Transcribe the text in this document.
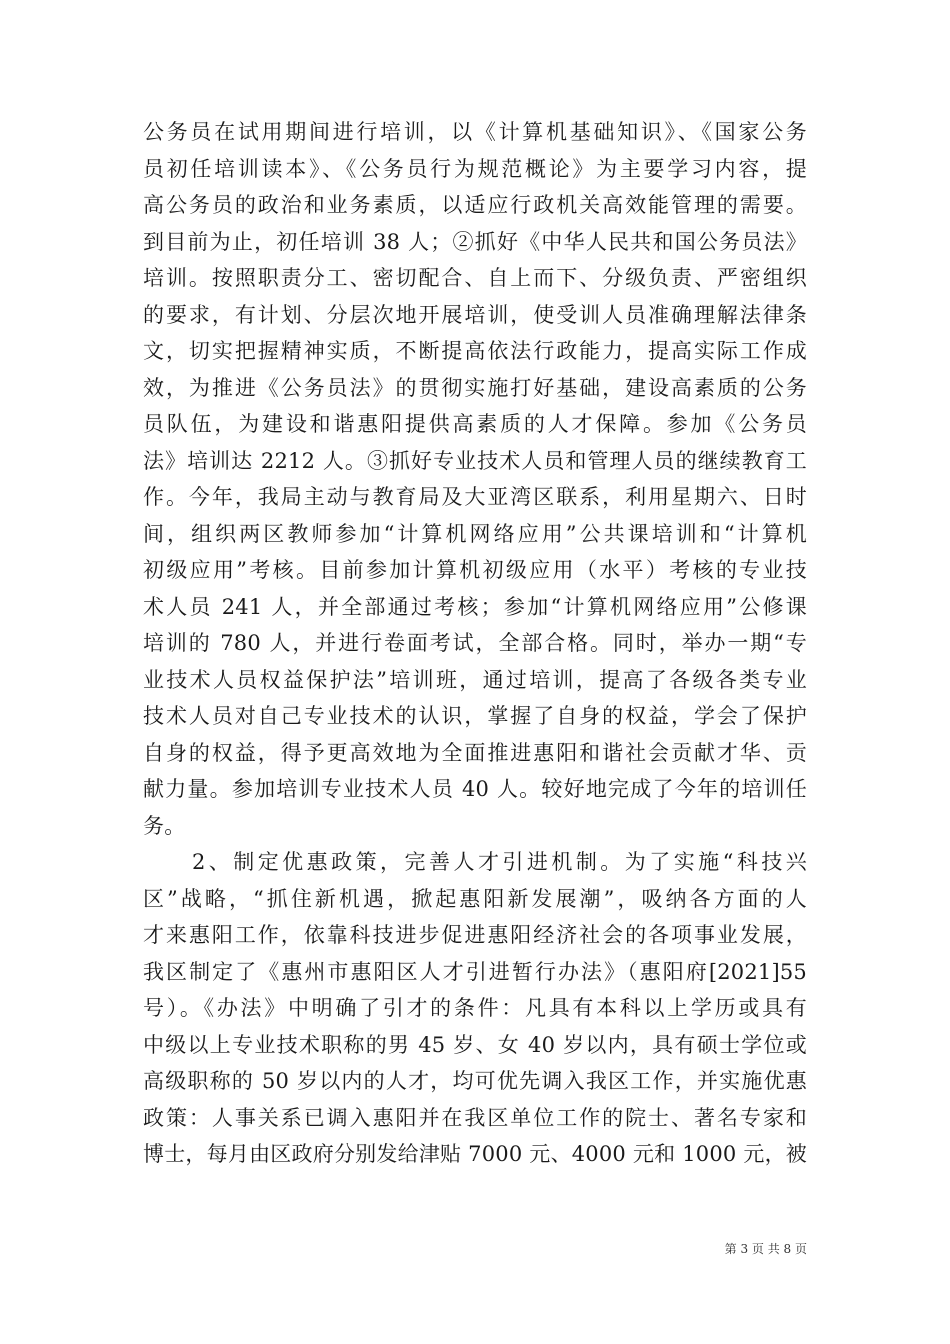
公务员在试用期间进行培训，以《计算机基础知识》、《国家公务
员初任培训读本》、《公务员行为规范概论》为主要学习内容，提
高公务员的政治和业务素质，以适应行政机关高效能管理的需要。
到目前为止，初任培训 38 人；②抓好《中华人民共和国公务员法》
培训。按照职责分工、密切配合、自上而下、分级负责、严密组织
的要求，有计划、分层次地开展培训，使受训人员准确理解法律条
文，切实把握精神实质，不断提高依法行政能力，提高实际工作成
效，为推进《公务员法》的贯彻实施打好基础，建设高素质的公务
员队伍，为建设和谐惠阳提供高素质的人才保障。参加《公务员
法》培训达 2212 人。③抓好专业技术人员和管理人员的继续教育工
作。今年，我局主动与教育局及大亚湾区联系，利用星期六、日时
间，组织两区教师参加“计算机网络应用”公共课培训和“计算机
初级应用”考核。目前参加计算机初级应用（水平）考核的专业技
术人员 241 人，并全部通过考核；参加“计算机网络应用”公修课
培训的 780 人，并进行卷面考试，全部合格。同时，举办一期“专
业技术人员权益保护法”培训班，通过培训，提高了各级各类专业
技术人员对自己专业技术的认识，掌握了自身的权益，学会了保护
自身的权益，得予更高效地为全面推进惠阳和谐社会贡献才华、贡
献力量。参加培训专业技术人员 40 人。较好地完成了今年的培训任
务。
　　2、制定优惠政策，完善人才引进机制。为了实施“科技兴
区”战略，“抓住新机遇，掀起惠阳新发展潮”，吸纳各方面的人
才来惠阳工作，依靠科技进步促进惠阳经济社会的各项事业发展，
我区制定了《惠州市惠阳区人才引进暂行办法》（惠阳府[2021]55
号）。《办法》中明确了引才的条件：凡具有本科以上学历或具有
中级以上专业技术职称的男 45 岁、女 40 岁以内，具有硕士学位或
高级职称的 50 岁以内的人才，均可优先调入我区工作，并实施优惠
政策：人事关系已调入惠阳并在我区单位工作的院士、著名专家和
博士，每月由区政府分别发给津贴 7000 元、4000 元和 1000 元，被
第 3 页 共 8 页
